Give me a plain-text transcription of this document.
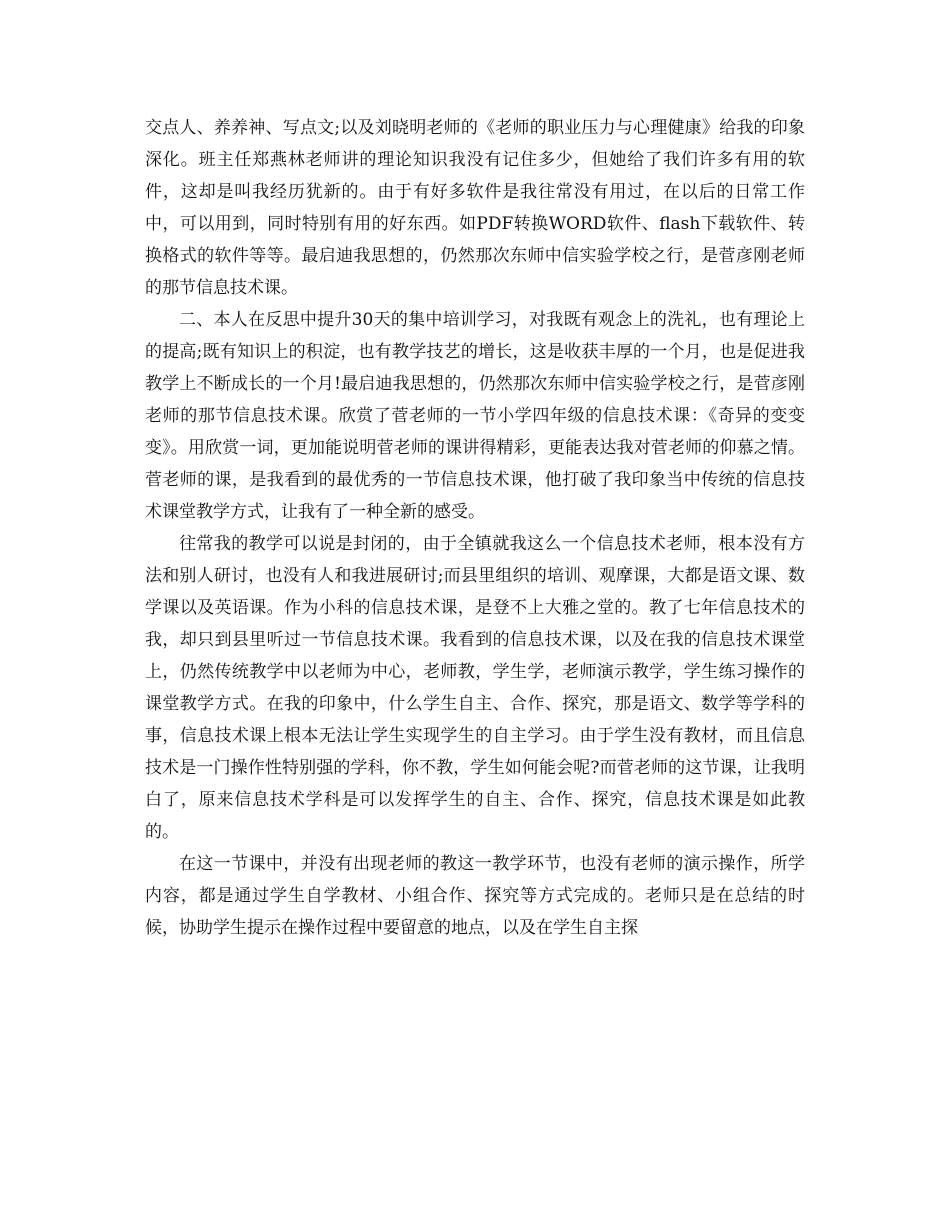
交点人、养养神、写点文;以及刘晓明老师的《老师的职业压力与心理健康》给我的印象深化。班主任郑燕林老师讲的理论知识我没有记住多少，但她给了我们许多有用的软件，这却是叫我经历犹新的。由于有好多软件是我往常没有用过，在以后的日常工作中，可以用到，同时特别有用的好东西。如PDF转换WORD软件、flash下载软件、转换格式的软件等等。最启迪我思想的，仍然那次东师中信实验学校之行，是菅彦刚老师的那节信息技术课。

二、本人在反思中提升30天的集中培训学习，对我既有观念上的洗礼，也有理论上的提高;既有知识上的积淀，也有教学技艺的增长，这是收获丰厚的一个月，也是促进我教学上不断成长的一个月!最启迪我思想的，仍然那次东师中信实验学校之行，是菅彦刚老师的那节信息技术课。欣赏了菅老师的一节小学四年级的信息技术课：《奇异的变变变》。用欣赏一词，更加能说明菅老师的课讲得精彩，更能表达我对菅老师的仰慕之情。菅老师的课，是我看到的最优秀的一节信息技术课，他打破了我印象当中传统的信息技术课堂教学方式，让我有了一种全新的感受。

往常我的教学可以说是封闭的，由于全镇就我这么一个信息技术老师，根本没有方法和别人研讨，也没有人和我进展研讨;而县里组织的培训、观摩课，大都是语文课、数学课以及英语课。作为小科的信息技术课，是登不上大雅之堂的。教了七年信息技术的我，却只到县里听过一节信息技术课。我看到的信息技术课，以及在我的信息技术课堂上，仍然传统教学中以老师为中心，老师教，学生学，老师演示教学，学生练习操作的课堂教学方式。在我的印象中，什么学生自主、合作、探究，那是语文、数学等学科的事，信息技术课上根本无法让学生实现学生的自主学习。由于学生没有教材，而且信息技术是一门操作性特别强的学科，你不教，学生如何能会呢?而菅老师的这节课，让我明白了，原来信息技术学科是可以发挥学生的自主、合作、探究，信息技术课是如此教的。

在这一节课中，并没有出现老师的教这一教学环节，也没有老师的演示操作，所学内容，都是通过学生自学教材、小组合作、探究等方式完成的。老师只是在总结的时候，协助学生提示在操作过程中要留意的地点，以及在学生自主探
